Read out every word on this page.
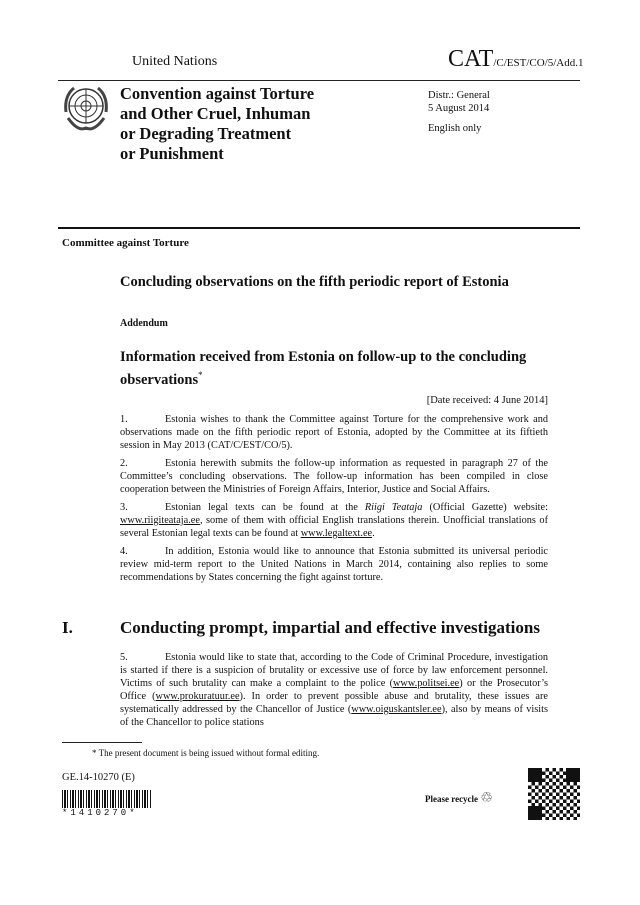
United Nations	CAT/C/EST/CO/5/Add.1
Convention against Torture
and Other Cruel, Inhuman
or Degrading Treatment
or Punishment
Distr.: General
5 August 2014
English only
Committee against Torture
Concluding observations on the fifth periodic report of Estonia
Addendum
Information received from Estonia on follow-up to the concluding observations*
[Date received: 4 June 2014]

1.	Estonia wishes to thank the Committee against Torture for the comprehensive work and observations made on the fifth periodic report of Estonia, adopted by the Committee at its fiftieth session in May 2013 (CAT/C/EST/CO/5).

2.	Estonia herewith submits the follow-up information as requested in paragraph 27 of the Committee’s concluding observations. The follow-up information has been compiled in close cooperation between the Ministries of Foreign Affairs, Interior, Justice and Social Affairs.

3.	Estonian legal texts can be found at the Riigi Teataja (Official Gazette) website: www.riigiteataja.ee, some of them with official English translations therein. Unofficial translations of several Estonian legal texts can be found at www.legaltext.ee.

4.	In addition, Estonia would like to announce that Estonia submitted its universal periodic review mid-term report to the United Nations in March 2014, containing also replies to some recommendations by States concerning the fight against torture.

I.	Conducting prompt, impartial and effective investigations
5.	Estonia would like to state that, according to the Code of Criminal Procedure, investigation is started if there is a suspicion of brutality or excessive use of force by law enforcement personnel. Victims of such brutality can make a complaint to the police (www.politsei.ee) or the Prosecutor’s Office (www.prokuratuur.ee). In order to prevent possible abuse and brutality, these issues are systematically addressed by the Chancellor of Justice (www.oiguskantsler.ee), also by means of visits of the Chancellor to police stations
* The present document is being issued without formal editing.
GE.14-10270 (E)
*1410270*
Please recycle ♲
